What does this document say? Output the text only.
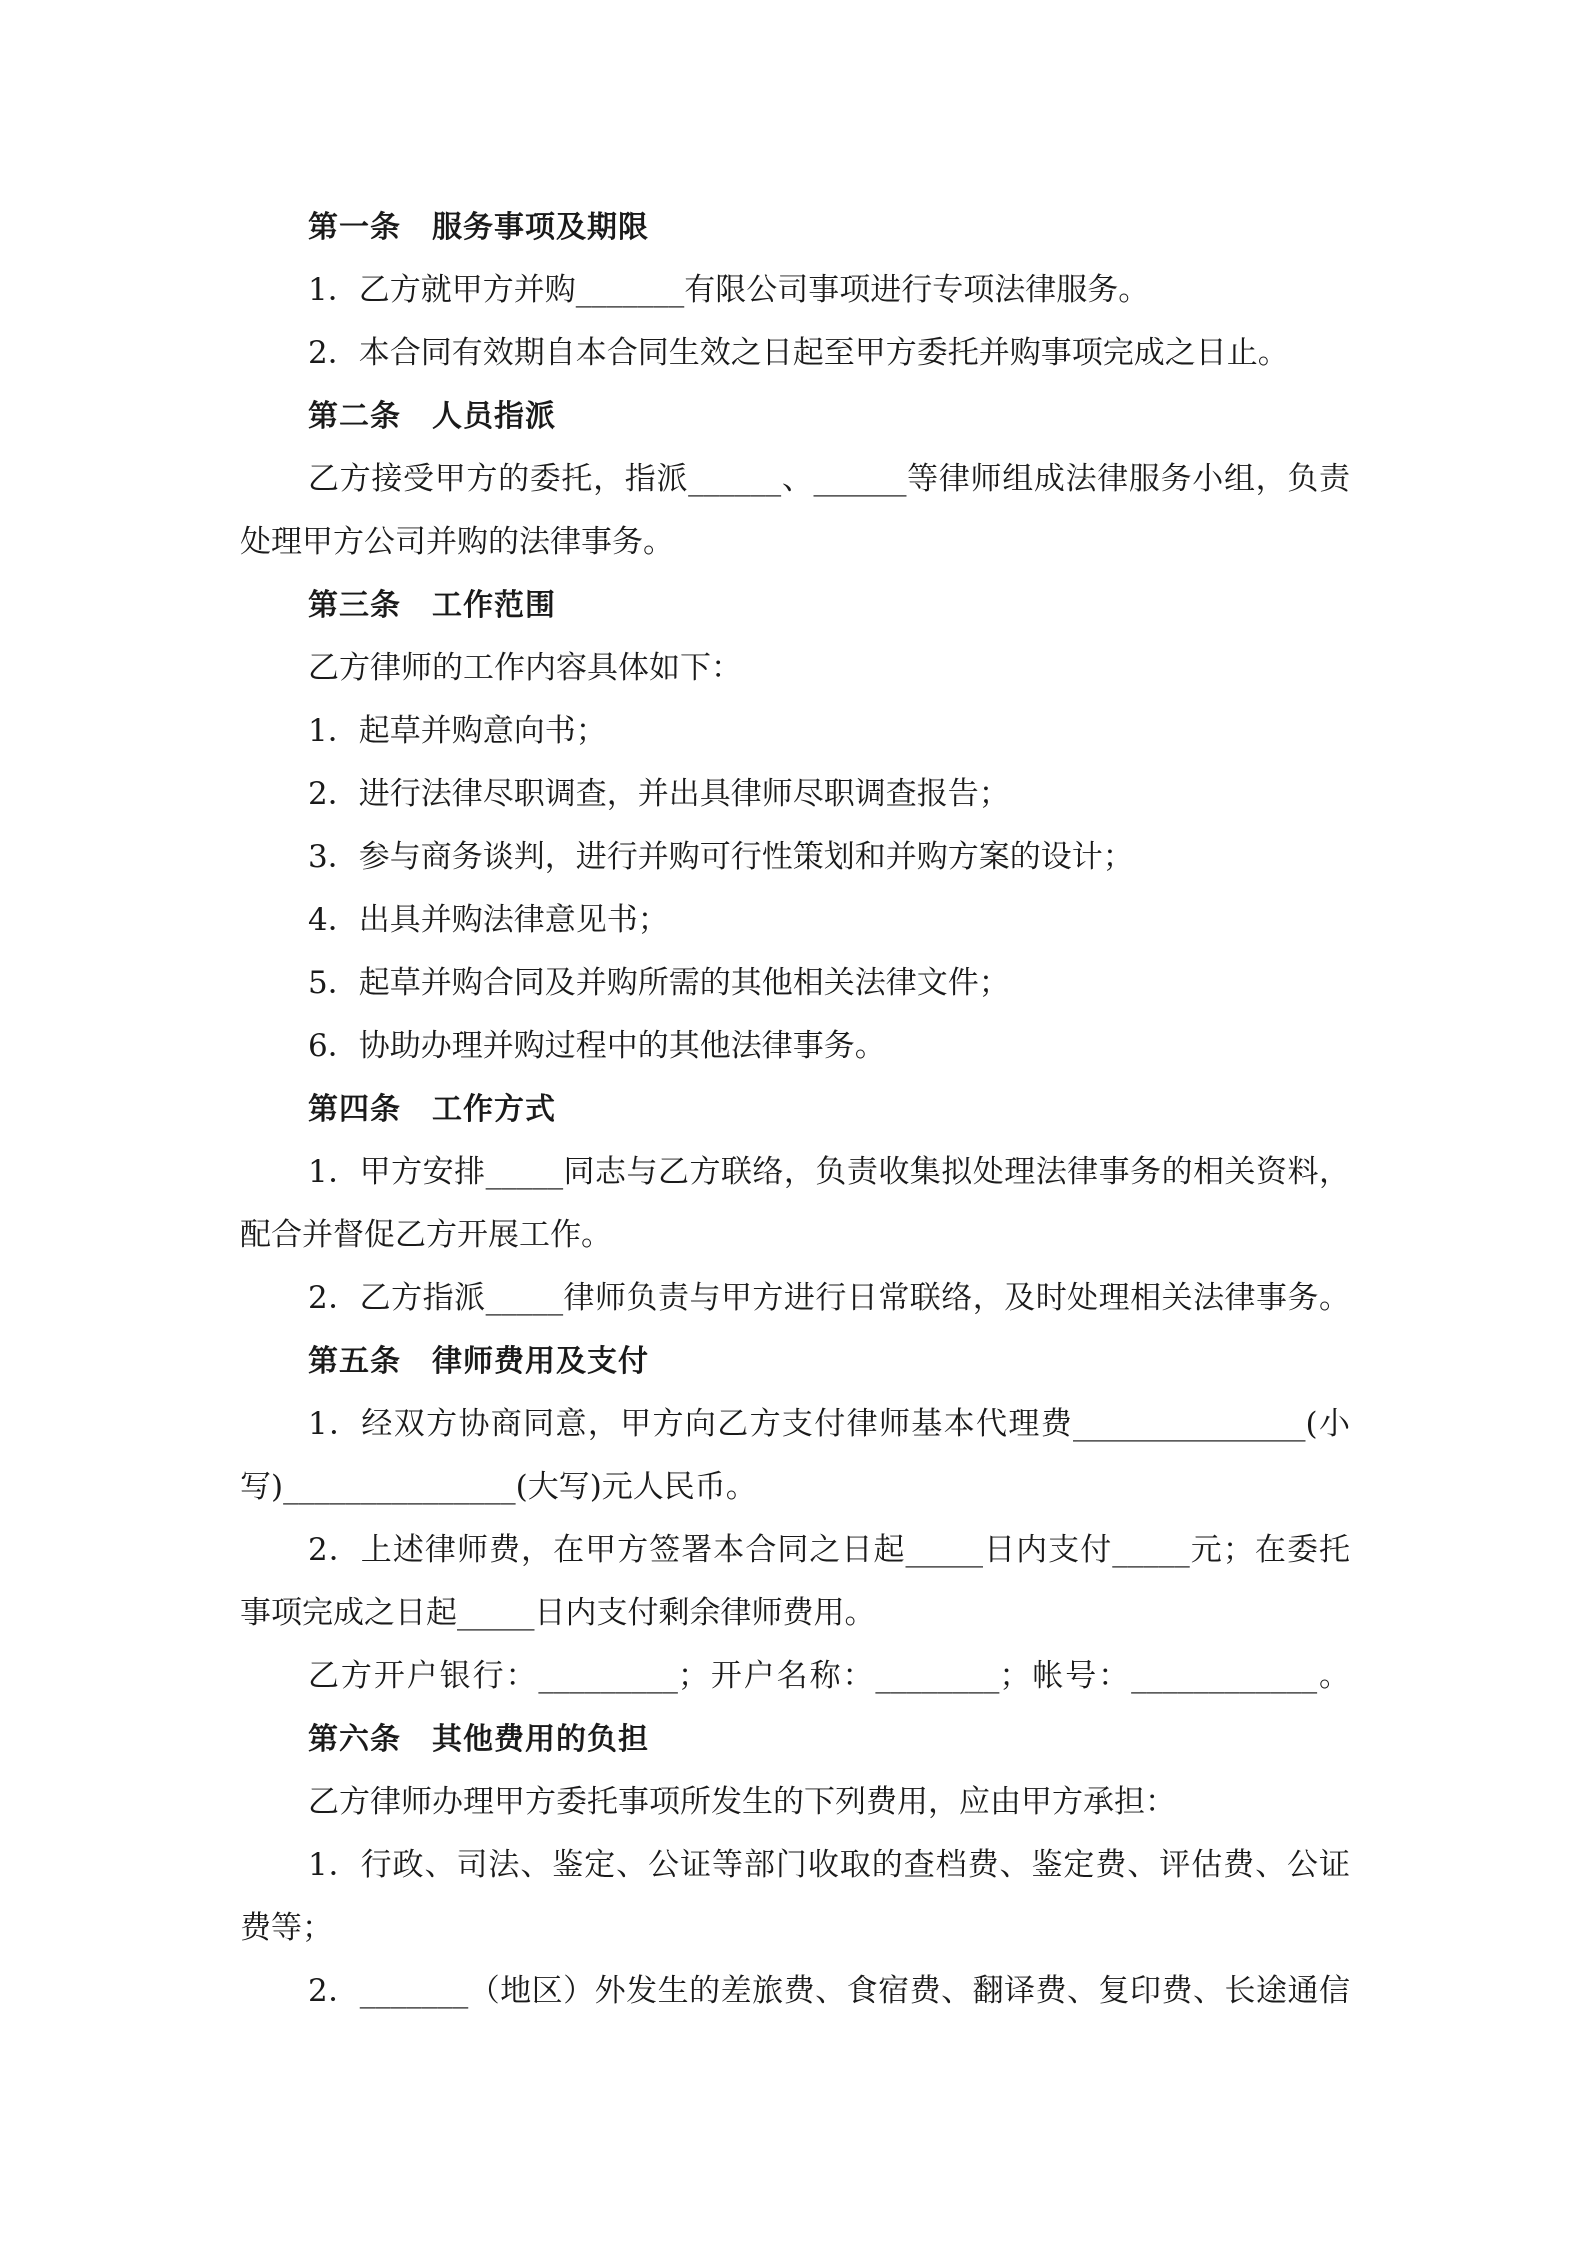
第一条　服务事项及期限
1．乙方就甲方并购_______有限公司事项进行专项法律服务。
2．本合同有效期自本合同生效之日起至甲方委托并购事项完成之日止。
第二条　人员指派
乙方接受甲方的委托，指派______、______等律师组成法律服务小组，负责
处理甲方公司并购的法律事务。
第三条　工作范围
乙方律师的工作内容具体如下：
1．起草并购意向书；
2．进行法律尽职调查，并出具律师尽职调查报告；
3．参与商务谈判，进行并购可行性策划和并购方案的设计；
4．出具并购法律意见书；
5．起草并购合同及并购所需的其他相关法律文件；
6．协助办理并购过程中的其他法律事务。
第四条　工作方式
1．甲方安排_____同志与乙方联络，负责收集拟处理法律事务的相关资料，
配合并督促乙方开展工作。
2．乙方指派_____律师负责与甲方进行日常联络，及时处理相关法律事务。
第五条　律师费用及支付
1．经双方协商同意，甲方向乙方支付律师基本代理费_______________(小
写)_______________(大写)元人民币。
2．上述律师费，在甲方签署本合同之日起_____日内支付_____元；在委托
事项完成之日起_____日内支付剩余律师费用。
乙方开户银行：_________；开户名称：________；帐号：____________。
第六条　其他费用的负担
乙方律师办理甲方委托事项所发生的下列费用，应由甲方承担：
1．行政、司法、鉴定、公证等部门收取的查档费、鉴定费、评估费、公证
费等；
2．_______（地区）外发生的差旅费、食宿费、翻译费、复印费、长途通信
